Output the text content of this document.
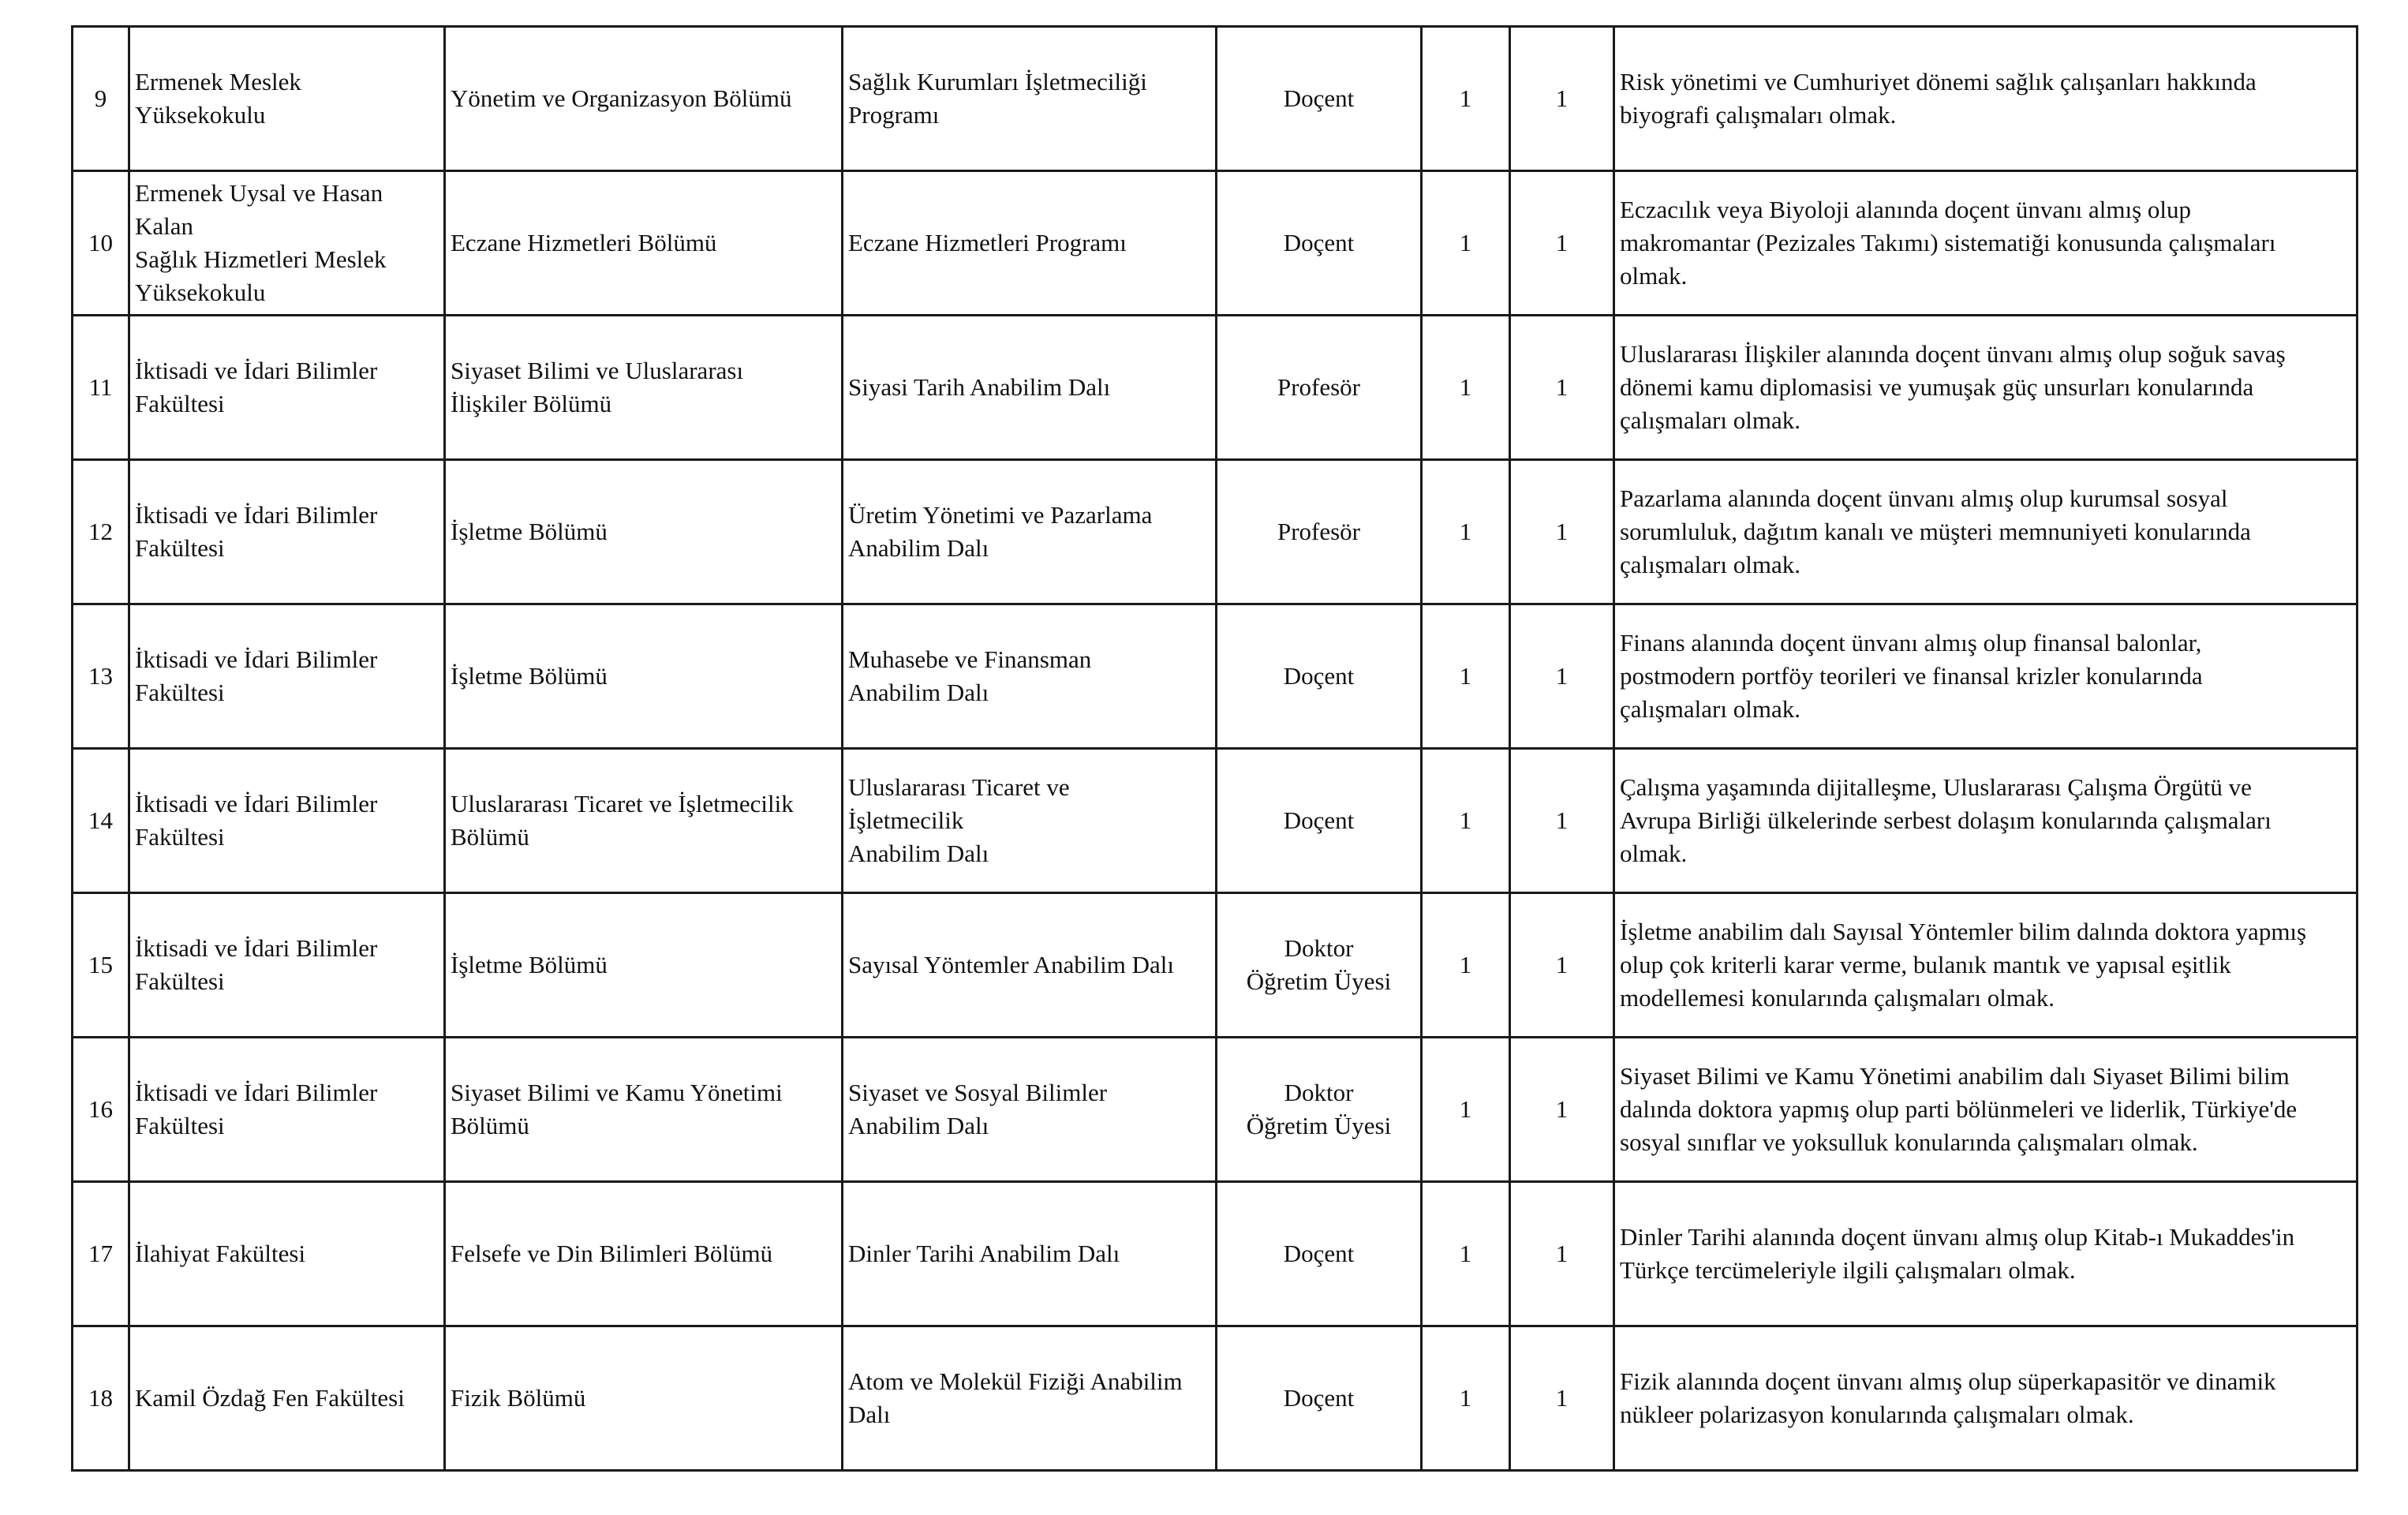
9	Ermenek Meslek
Yüksekokulu	Yönetim ve Organizasyon Bölümü	Sağlık Kurumları İşletmeciliği
Programı	Doçent	1	1	Risk yönetimi ve Cumhuriyet dönemi sağlık çalışanları hakkında
biyografi çalışmaları olmak.
10	Ermenek Uysal ve Hasan
Kalan
Sağlık Hizmetleri Meslek
Yüksekokulu	Eczane Hizmetleri Bölümü	Eczane Hizmetleri Programı	Doçent	1	1	Eczacılık veya Biyoloji alanında doçent ünvanı almış olup
makromantar (Pezizales Takımı) sistematiği konusunda çalışmaları
olmak.
11	İktisadi ve İdari Bilimler
Fakültesi	Siyaset Bilimi ve Uluslararası
İlişkiler Bölümü	Siyasi Tarih Anabilim Dalı	Profesör	1	1	Uluslararası İlişkiler alanında doçent ünvanı almış olup soğuk savaş
dönemi kamu diplomasisi ve yumuşak güç unsurları konularında
çalışmaları olmak.
12	İktisadi ve İdari Bilimler
Fakültesi	İşletme Bölümü	Üretim Yönetimi ve Pazarlama
Anabilim Dalı	Profesör	1	1	Pazarlama alanında doçent ünvanı almış olup kurumsal sosyal
sorumluluk, dağıtım kanalı ve müşteri memnuniyeti konularında
çalışmaları olmak.
13	İktisadi ve İdari Bilimler
Fakültesi	İşletme Bölümü	Muhasebe ve Finansman
Anabilim Dalı	Doçent	1	1	Finans alanında doçent ünvanı almış olup finansal balonlar,
postmodern portföy teorileri ve finansal krizler konularında
çalışmaları olmak.
14	İktisadi ve İdari Bilimler
Fakültesi	Uluslararası Ticaret ve İşletmecilik
Bölümü	Uluslararası Ticaret ve
İşletmecilik
Anabilim Dalı	Doçent	1	1	Çalışma yaşamında dijitalleşme, Uluslararası Çalışma Örgütü ve
Avrupa Birliği ülkelerinde serbest dolaşım konularında çalışmaları
olmak.
15	İktisadi ve İdari Bilimler
Fakültesi	İşletme Bölümü	Sayısal Yöntemler Anabilim Dalı	Doktor
Öğretim Üyesi	1	1	İşletme anabilim dalı Sayısal Yöntemler bilim dalında doktora yapmış
olup çok kriterli karar verme, bulanık mantık ve yapısal eşitlik
modellemesi konularında çalışmaları olmak.
16	İktisadi ve İdari Bilimler
Fakültesi	Siyaset Bilimi ve Kamu Yönetimi
Bölümü	Siyaset ve Sosyal Bilimler
Anabilim Dalı	Doktor
Öğretim Üyesi	1	1	Siyaset Bilimi ve Kamu Yönetimi anabilim dalı Siyaset Bilimi bilim
dalında doktora yapmış olup parti bölünmeleri ve liderlik, Türkiye'de
sosyal sınıflar ve yoksulluk konularında çalışmaları olmak.
17	İlahiyat Fakültesi	Felsefe ve Din Bilimleri Bölümü	Dinler Tarihi Anabilim Dalı	Doçent	1	1	Dinler Tarihi alanında doçent ünvanı almış olup Kitab-ı Mukaddes'in
Türkçe tercümeleriyle ilgili çalışmaları olmak.
18	Kamil Özdağ Fen Fakültesi	Fizik Bölümü	Atom ve Molekül Fiziği Anabilim
Dalı	Doçent	1	1	Fizik alanında doçent ünvanı almış olup süperkapasitör ve dinamik
nükleer polarizasyon konularında çalışmaları olmak.
